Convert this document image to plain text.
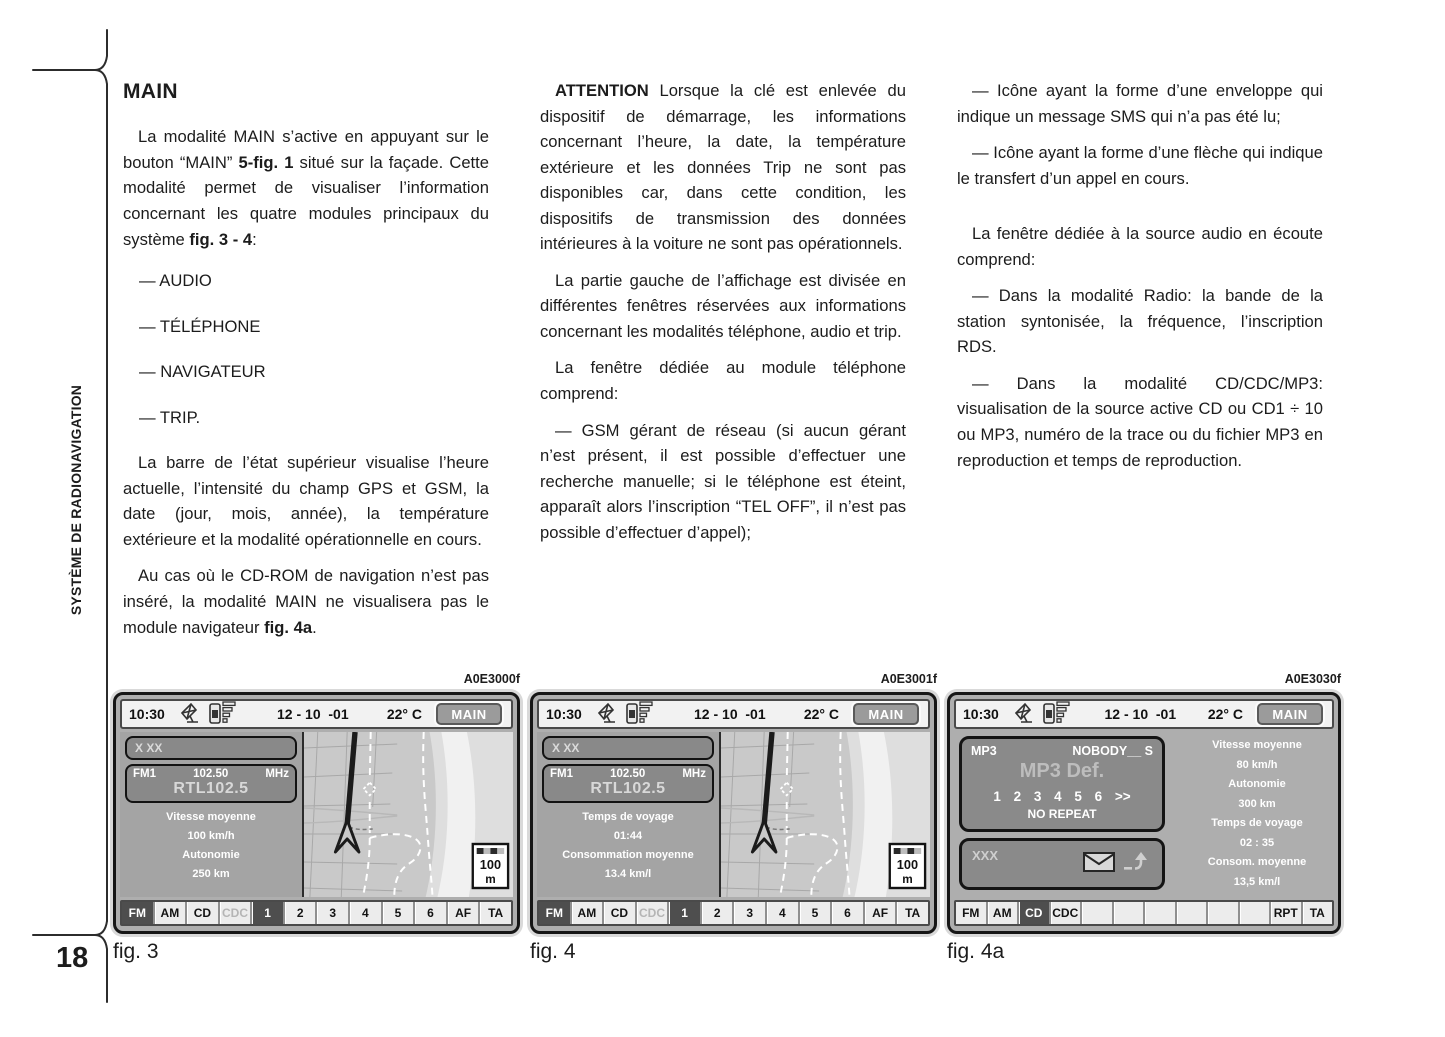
SYSTÈME DE RADIONAVIGATION
18
MAIN

La modalité MAIN s’active en appuyant sur le bouton “MAIN” 5-fig. 1 situé sur la façade. Cette modalité permet de visualiser l’information concernant les quatre modules principaux du système fig. 3 - 4:

— AUDIO
— TÉLÉPHONE
— NAVIGATEUR
— TRIP.

La barre de l’état supérieur visualise l’heure actuelle, l’intensité du champ GPS et GSM, la date (jour, mois, année), la température extérieure et la modalité opérationnelle en cours.

Au cas où le CD-ROM de navigation n’est pas inséré, la modalité MAIN ne visualisera pas le module navigateur fig. 4a.

ATTENTION Lorsque la clé est enlevée du dispositif de démarrage, les informations concernant l’heure, la date, la température extérieure et les données Trip ne sont pas disponibles car, dans cette condition, les dispositifs de transmission des données intérieures à la voiture ne sont pas opérationnels.

La partie gauche de l’affichage est divisée en différentes fenêtres réservées aux informations concernant les modalités téléphone, audio et trip.

La fenêtre dédiée au module téléphone comprend:

— GSM gérant de réseau (si aucun gérant n’est présent, il est possible d’effectuer une recherche manuelle; si le téléphone est éteint, apparaît alors l’inscription “TEL OFF”, il n’est pas possible d’effectuer d’appel);

— Icône ayant la forme d’une enveloppe qui indique un message SMS qui n’a pas été lu;

— Icône ayant la forme d’une flèche qui indique le transfert d’un appel en cours.

La fenêtre dédiée à la source audio en écoute comprend:

— Dans la modalité Radio: la bande de la station syntonisée, la fréquence, l’inscription RDS.

— Dans la modalité CD/CDC/MP3: visualisation de la source active CD ou CD1 ÷ 10 ou MP3, numéro de la trace ou du fichier MP3 en reproduction et temps de reproduction.

A0E3000f
10:30	12 - 10  -01	22° C	MAIN
X XX
FM1	102.50	MHz
RTL102.5
Vitesse moyenne
100 km/h
Autonomie
250 km
100
m
FM	AM	CD CDC	1	2	3	4	5	6	AF	TA
fig. 3
A0E3001f
10:30	12 - 10  -01	22° C	MAIN
X XX
FM1	102.50	MHz
RTL102.5
Temps de voyage
01:44
Consommation moyenne
13.4 km/l
100
m
FM	AM	CD CDC	1	2	3	4	5	6	AF	TA
fig. 4
A0E3030f
10:30	12 - 10  -01	22° C	MAIN
MP3	NOBODY__ S
MP3 Def.
1 2 3 4 5 6 >>
NO REPEAT
XXX
Vitesse moyenne
80 km/h
Autonomie
300 km
Temps de voyage
02 : 35
Consom. moyenne
13,5 km/l
FM	AM	CD CDC	RPT TA
fig. 4a
